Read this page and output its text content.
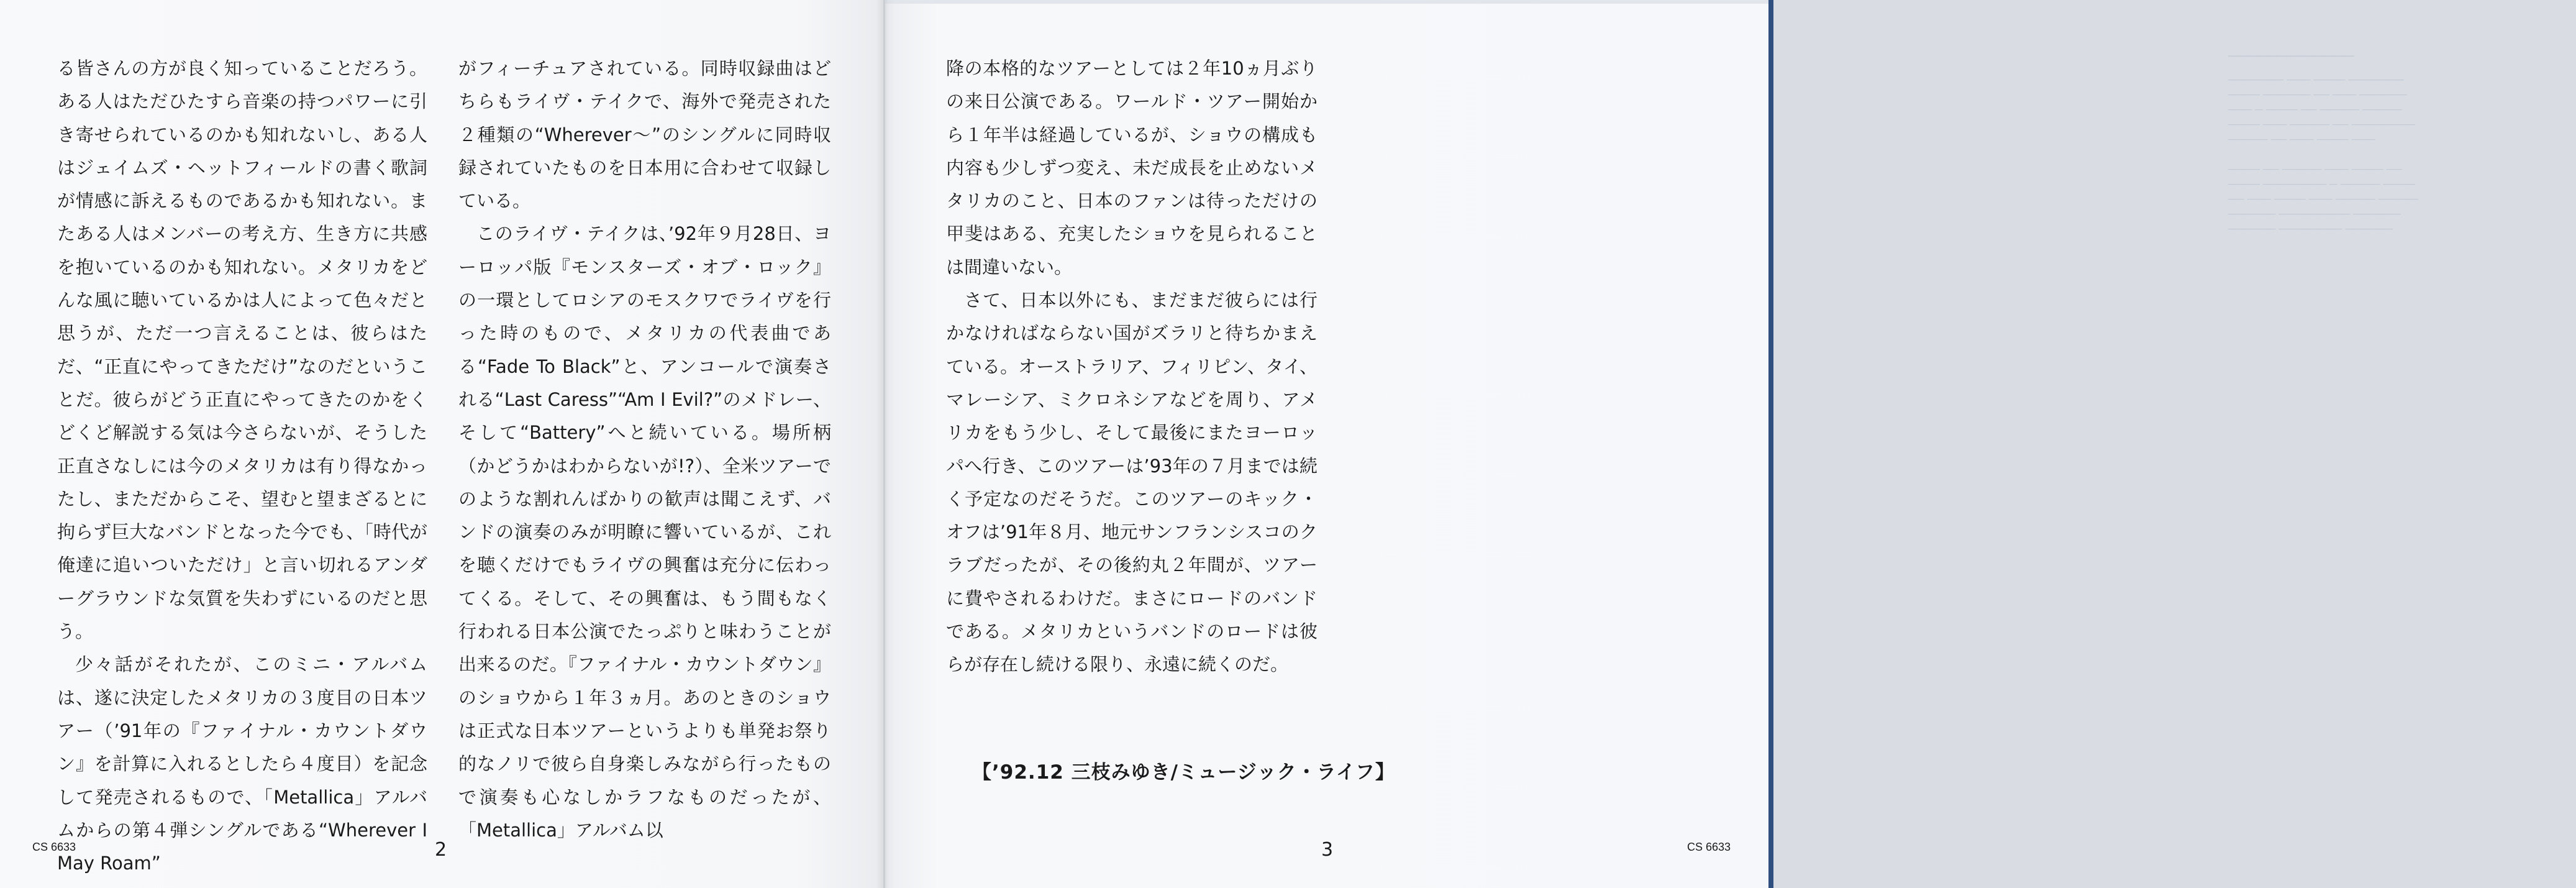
る皆さんの方が良く知っていることだろう。ある人はただひたすら音楽の持つパワーに引き寄せられているのかも知れないし、ある人はジェイムズ・ヘットフィールドの書く歌詞が情感に訴えるものであるかも知れない。またある人はメンバーの考え方、生き方に共感を抱いているのかも知れない。メタリカをどんな風に聴いているかは人によって色々だと思うが、ただ一つ言えることは、彼らはただ、“正直にやってきただけ”なのだということだ。彼らがどう正直にやってきたのかをくどくど解説する気は今さらないが、そうした正直さなしには今のメタリカは有り得なかったし、まただからこそ、望むと望まざるとに拘らず巨大なバンドとなった今でも、「時代が俺達に追いついただけ」と言い切れるアンダーグラウンドな気質を失わずにいるのだと思う。

少々話がそれたが、このミニ・アルバムは、遂に決定したメタリカの３度目の日本ツアー（’91年の『ファイナル・カウントダウン』を計算に入れるとしたら４度目）を記念して発売されるもので、「Metallica」アルバムからの第４弾シングルである“Wherever I May Roam”

がフィーチュアされている。同時収録曲はどちらもライヴ・テイクで、海外で発売された２種類の“Wherever～”のシングルに同時収録されていたものを日本用に合わせて収録している。

このライヴ・テイクは、’92年９月28日、ヨーロッパ版『モンスターズ・オブ・ロック』の一環としてロシアのモスクワでライヴを行った時のもので、メタリカの代表曲である“Fade To Black”と、アンコールで演奏される“Last Caress”“Am I Evil?”のメドレー、そして“Battery”へと続いている。場所柄（かどうかはわからないが!?）、全米ツアーでのような割れんばかりの歓声は聞こえず、バンドの演奏のみが明瞭に響いているが、これを聴くだけでもライヴの興奮は充分に伝わってくる。そして、その興奮は、もう間もなく行われる日本公演でたっぷりと味わうことが出来るのだ。『ファイナル・カウントダウン』のショウから１年３ヵ月。あのときのショウは正式な日本ツアーというよりも単発お祭り的なノリで彼ら自身楽しみながら行ったもので演奏も心なしかラフなものだったが、「Metallica」アルバム以

CS 6633	2
─────────────
─────── ─── ──── ───────
──── ────── ── ─── ──────
─── ─ ──── ── ───── ─────
──── ─── ───── ── ────────
───── ── ─── ──── ───

──── ── ───── ─── ──── ──
──── ──────── ─ ───── ────
── ─── ──── ─── ───── ─────
────── ───────── ──────
────── ──────── ──────

降の本格的なツアーとしては２年10ヵ月ぶりの来日公演である。ワールド・ツアー開始から１年半は経過しているが、ショウの構成も内容も少しずつ変え、未だ成長を止めないメタリカのこと、日本のファンは待っただけの甲斐はある、充実したショウを見られることは間違いない。

さて、日本以外にも、まだまだ彼らには行かなければならない国がズラリと待ちかまえている。オーストラリア、フィリピン、タイ、マレーシア、ミクロネシアなどを周り、アメリカをもう少し、そして最後にまたヨーロッパへ行き、このツアーは’93年の７月までは続く予定なのだそうだ。このツアーのキック・オフは’91年８月、地元サンフランシスコのクラブだったが、その後約丸２年間が、ツアーに費やされるわけだ。まさにロードのバンドである。メタリカというバンドのロードは彼らが存在し続ける限り、永遠に続くのだ。

【’92.12 三枝みゆき/ミュージック・ライフ】
3	CS 6633
